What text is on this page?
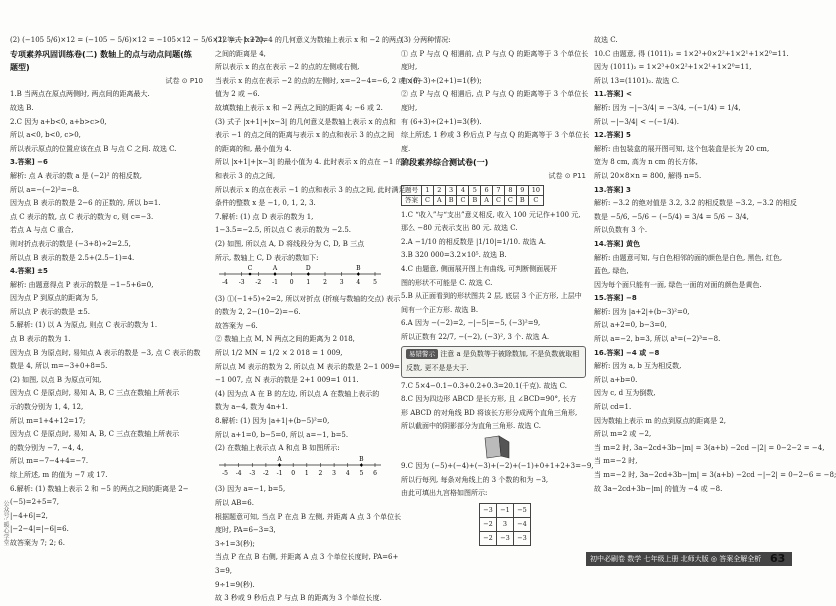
(2) (−105 5/6)×12 = (−105 − 5/6)×12 = −105×12 − 5/6×12 = −1 270.
专项素养巩固训练卷(二) 数轴上的点与动点问题(练
题型)
试卷 ⊙ P10
1.B 当两点在原点两侧时, 两点间的距离最大.
故选 B.
2.C 因为 a+b<0, a+b>c>0,
所以 a<0, b<0, c>0,
所以表示原点的位置应该在点 B 与点 C 之间. 故选 C.
3.答案] −6
解析: 点 A 表示的数 a 是 (−2)² 的相反数,
所以 a=−(−2)²=−8.
因为点 B 表示的数是 2−6 的正数的, 所以 b=1.
点 C 表示的数, 点 C 表示的数为 c, 则 c=−3.
若点 A 与点 C 重合,
则对折点表示的数是 (−3+8)÷2=2.5,
所以点 B 表示的数是 2.5+(2.5−1)=4.
4.答案] ±5
解析: 由题意得点 P 表示的数是 −1−5+6=0,
因为点 P 到原点的距离为 5,
所以点 P 表示的数是 ±5.
5.解析: (1) 以 A 为原点, 则点 C 表示的数为 1.
点 B 表示的数为 1.
因为点 B 为原点时, 易知点 A 表示的数是 −3, 点 C 表示的数
数是 4, 所以 m=−3+0+8=5.
(2) 如图, 以点 B 为原点可知,
因为点 C 是原点时, 易知 A, B, C 三点在数轴上所表示
示的数分别为 1, 4, 12,
所以 m=1+4+12=17;
因为点 C 是原点时, 易知 A, B, C 三点在数轴上所表示
的数分别为 −7, −4, 4,
所以 m=−7−4+4=−7.
综上所述, m 的值为 −7 或 17.
6.解析: (1) 数轴上表示 2 和 −5 的两点之间的距离是 2−
(−5)=2+5=7,
|−4+6|=2,
|−2−4|=|−6|=6.
故答案为 7; 2; 6.
(2) 等式 |x+2|=4 的几何意义为数轴上表示 x 和 −2 的两点
之间的距离是 4,
所以表示 x 的点在表示 −2 的点的左侧或右侧,
当表示 x 的点在表示 −2 的点的左侧时, x=−2−4=−6, 2 或 x 的
值为 2 或 −6.
故填数轴上表示 x 和 −2 两点之间的距离 4; −6 或 2.
(3) 式子 |x+1|+|x−3| 的几何意义是数轴上表示 x 的点和
表示 −1 的点之间的距离与表示 x 的点和表示 3 的点之间
的距离的和, 最小值为 4.
所以 |x+1|+|x−3| 的最小值为 4. 此时表示 x 的点在 −1 的点
和表示 3 的点之间,
所以表示 x 的点在表示 −1 的点和表示 3 的点之间, 此时满足
条件的整数 x 是 −1, 0, 1, 2, 3.
7.解析: (1) 点 D 表示的数为 1,
1−3.5=−2.5, 所以点 C 表示的数为 −2.5.
(2) 如图, 所以点 A, D 将线段分为 C, D, B 三点
所示, 数轴上 C, D 表示的数如下:
-4 -3 -2 -1 0 1 2 3 4 5
C	D
A	B
(3) ①(−1+5)÷2=2, 所以对折点 (折痕与数轴的交点) 表示
的数为 2, 2−(10−2)=−6.
故答案为 −6.
② 数轴上点 M, N 两点之间的距离为 2 018,
所以 1/2 MN = 1/2 × 2 018 = 1 009,
所以点 M 表示的数为 2, 所以点 M 表示的数是 2−1 009=
−1 007, 点 N 表示的数是 2+1 009=1 011.
(4) 因为点 A 在 B 的左边, 所以点 A 在数轴上表示的
数为 a−4, 数为 4n+1.
8.解析: (1) 因为 |a+1|+(b−5)²=0,
所以 a+1=0, b−5=0, 所以 a=−1, b=5.
(2) 在数轴上表示点 A 和点 B 如图所示:
-5 -4 -3 -2 -1 0 1 2 3 4 5 6
A	B
(3) 因为 a=−1, b=5,
所以 AB=6.
根据题意可知, 当点 P 在点 B 左侧, 并距离 A 点 3 个单位长
度时, PA=6−3=3,
3÷1=3(秒);
当点 P 在点 B 右侧, 并距离 A 点 3 个单位长度时, PA=6+
3=9,
9÷1=9(秒).
故 3 秒或 9 秒后点 P 与点 B 的距离为 3 个单位长度.
(3) 分两种情况:
① 点 P 与点 Q 相遇前, 点 P 与点 Q 的距离等于 3 个单位长
度时,
有 (6−3)÷(2+1)=1(秒);
② 点 P 与点 Q 相遇后, 点 P 与点 Q 的距离等于 3 个单位长
度时,
有 (6+3)÷(2+1)=3(秒).
综上所述, 1 秒或 3 秒后点 P 与点 Q 的距离等于 3 个单位长
度.
阶段素养综合测试卷(一)
试卷 ⊙ P11
题号	1	2	3	4	5	6	7	8	9	10
答案	C	A	B	C	B	A	C	C	B	C
1.C “收入”与“支出”意义相反, 收入 100 元记作+100 元,
那么 −80 元表示支出 80 元. 故选 C.
2.A −1/10 的相反数是 |1/10|=1/10. 故选 A.
3.B 320 000=3.2×10⁵. 故选 B.
4.C 由题意, 侧面展开图上有曲线, 可判断侧面展开
图的形状不可能是 C. 故选 C.
5.B 从正面看到的形状图共 2 层, 底层 3 个正方形, 上层中
间有一个正方形. 故选 B.
6.A 因为 −(−2)=2, −|−5|=−5, (−3)²=9,
所以正数有 22/7, −(−2), (−3)², 3 个. 故选 A.
易错警示 注意 a 是负数等于被除数加, 不是负数就取相反数, 更不是是大于.
7.C 5×4−0.1−0.3+0.2+0.3=20.1(千克). 故选 C.
8.C 因为四边形 ABCD 是长方形, 且 ∠BCD=90°, 长方
形 ABCD 的对角线 BD 将该长方形分成两个直角三角形,
所以截面中的阴影部分为直角三角形. 故选 C.
9.C 因为 (−5)+(−4)+(−3)+(−2)+(−1)+0+1+2+3=−9,
所以行每列, 每条对角线上的 3 个数的和为 −3,
由此可填出九宫格如图所示:
−3	−1	−5
−2	3	−4
−2	−3	−3
故选 C.
10.C 由题意, 得 (1011)₂ = 1×2³+0×2²+1×2¹+1×2⁰=11.
因为 (1011)₂ = 1×2³+0×2²+1×2¹+1×2⁰=11,
所以 13=(1101)₂. 故选 C.
11.答案] <
解析: 因为 −|−3/4| = −3/4, −(−1/4) = 1/4,
所以 −|−3/4| < −(−1/4).
12.答案] 5
解析: 由包装盒的展开图可知, 这个包装盒是长为 20 cm,
宽为 8 cm, 高为 n cm 的长方体,
所以 20×8×n = 800, 解得 n=5.
13.答案] 3
解析: −3.2 的绝对值是 3.2, 3.2 的相反数是 −3.2, −3.2 的相反
数是 −5/6, −5/6 − (−5/4) = 3/4 = 5/6 − 3/4,
所以负数有 3 个.
14.答案] 黄色
解析: 由题意可知, 与白色相邻的面的颜色是白色, 黑色, 红色,
蓝色, 绿色,
因为每个面只能有一面, 绿色一面的对面的颜色是黄色.
15.答案] −8
解析: 因为 |a+2|+(b−3)²=0,
所以 a+2=0, b−3=0,
所以 a=−2, b=3, 所以 aᵇ=(−2)³=−8.
16.答案] −4 或 −8
解析: 因为 a, b 互为相反数,
所以 a+b=0.
因为 c, d 互为倒数,
所以 cd=1.
因为数轴上表示 m 的点到原点的距离是 2,
所以 m=2 或 −2,
当 m=2 时, 3a−2cd+3b−|m| = 3(a+b) −2cd −|2| = 0−2−2 = −4,
当 m=−2 时,
当 m=−2 时, 3a−2cd+3b−|m| = 3(a+b) −2cd −|−2| = 0−2−6 = −8;
故 3a−2cd+3b−|m| 的值为 −4 或 −8.
公众号: 暖心学堂
初中必刷卷 数学 七年级上册 北师大版 ◎ 答案全解全析 63
